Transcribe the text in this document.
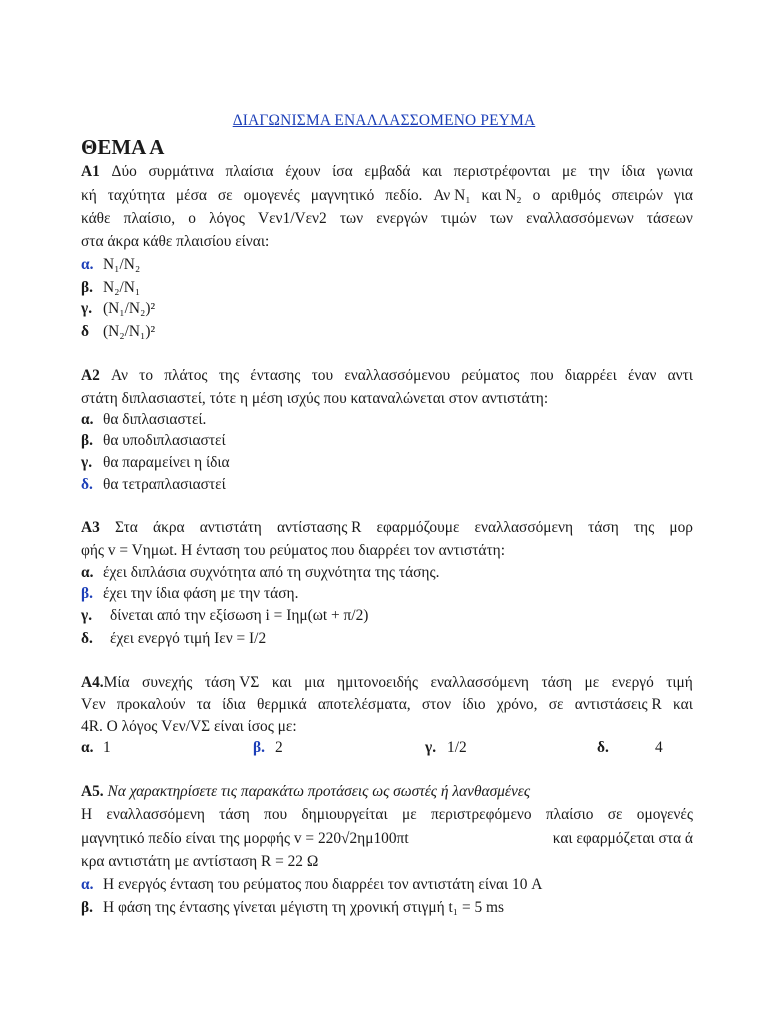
ΔΙΑΓΩΝΙΣΜΑ ΕΝΑΛΛΑΣΣΟΜΕΝΟ ΡΕΥΜΑ
ΘΕΜΑ Α
A1 Δύο συρμάτινα πλαίσια έχουν ίσα εμβαδά και περιστρέφονται με την ίδια γωνια
κή ταχύτητα μέσα σε ομογενές μαγνητικό πεδίο. Αν N₁ και N₂ ο αριθμός σπειρών για
κάθε πλαίσιο, ο λόγος Vεν1/Vεν2 των ενεργών τιμών των εναλλασσόμενων τάσεων
στα άκρα κάθε πλαισίου είναι:
α. N₁/N₂
β. N₂/N₁
γ. (N₁/N₂)²
δ (N₂/N₁)²
A2 Αν το πλάτος της έντασης του εναλλασσόμενου ρεύματος που διαρρέει έναν αντι
στάτη διπλασιαστεί, τότε η μέση ισχύς που καταναλώνεται στον αντιστάτη:
α. θα διπλασιαστεί.
β. θα υποδιπλασιαστεί
γ. θα παραμείνει η ίδια
δ. θα τετραπλασιαστεί
A3 Στα άκρα αντιστάτη αντίστασης R εφαρμόζουμε εναλλασσόμενη τάση της μορ
φής v = Vημωt. Η ένταση του ρεύματος που διαρρέει τον αντιστάτη:
α. έχει διπλάσια συχνότητα από τη συχνότητα της τάσης.
β. έχει την ίδια φάση με την τάση.
γ. δίνεται από την εξίσωση i = Iημ(ωt + π/2)
δ. έχει ενεργό τιμή Iεν = I/2
A4.Μία συνεχής τάση VΣ και μια ημιτονοειδής εναλλασσόμενη τάση με ενεργό τιμή
Vεν προκαλούν τα ίδια θερμικά αποτελέσματα, στον ίδιο χρόνο, σε αντιστάσεις R και
4R. Ο λόγος Vεν/VΣ είναι ίσος με:
α. 1	β. 2	γ. 1/2	δ.	4
A5. Να χαρακτηρίσετε τις παρακάτω προτάσεις ως σωστές ή λανθασμένες
Η εναλλασσόμενη τάση που δημιουργείται με περιστρεφόμενο πλαίσιο σε ομογενές
μαγνητικό πεδίο είναι της μορφής v = 220√2ημ100πt	και εφαρμόζεται στα ά
κρα αντιστάτη με αντίσταση R = 22 Ω
α. Η ενεργός ένταση του ρεύματος που διαρρέει τον αντιστάτη είναι 10 A
β. Η φάση της έντασης γίνεται μέγιστη τη χρονική στιγμή t₁ = 5 ms
